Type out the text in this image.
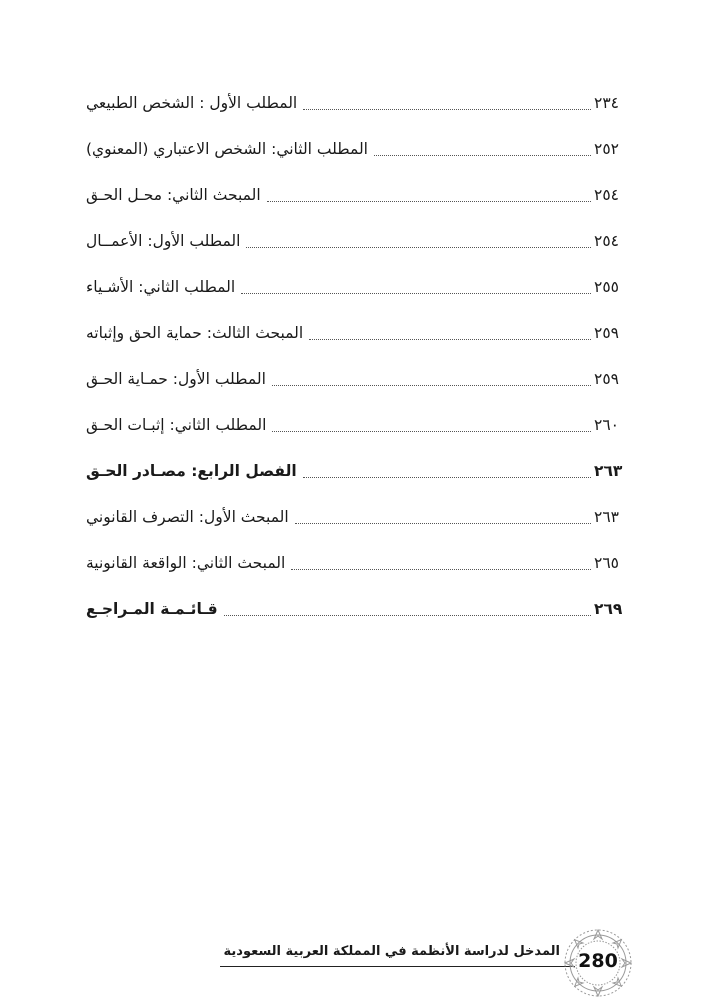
المطلب الأول : الشخص الطبيعي	٢٣٤
المطلب الثاني: الشخص الاعتباري (المعنوي)	٢٥٢
المبحث الثاني: محـل الحـق	٢٥٤
المطلب الأول: الأعمــال	٢٥٤
المطلب الثاني: الأشـياء	٢٥٥
المبحث الثالث: حماية الحق وإثباته	٢٥٩
المطلب الأول: حمـاية الحـق	٢٥٩
المطلب الثاني: إثبـات الحـق	٢٦٠
الفصل الرابع: مصـادر الحـق	٢٦٣
المبحث الأول: التصرف القانوني	٢٦٣
المبحث الثاني: الواقعة القانونية	٢٦٥
قـائـمـة المـراجـع	٢٦٩
المدخل لدراسة الأنظمة في المملكة العربية السعودية 280
